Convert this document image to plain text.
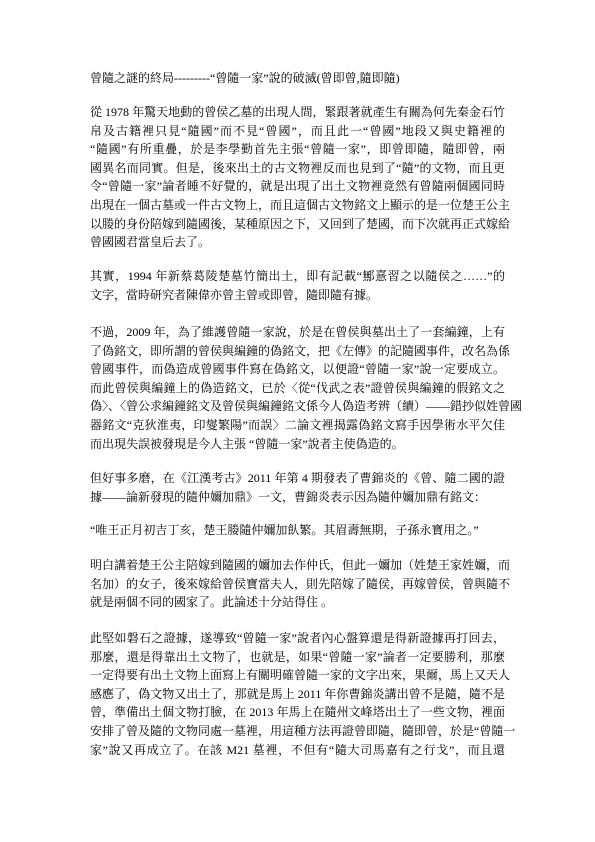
曾隨之謎的終局---------“曾隨一家”說的破滅(曾即曾,隨即隨)
從 1978 年驚天地動的曾侯乙墓的出現人間，緊跟著就產生有關為何先秦金石竹
帛及古籍裡只見“隨國”而不見“曾國”，而且此一“曾國”地段又與史籍裡的
“隨國”有所重疊，於是李學勤首先主張“曾隨一家”，即曾即隨，隨即曾，兩
國異名而同實。但是，後來出土的古文物裡反而也見到了“隨”的文物，而且更
令“曾隨一家”論者睡不好覺的，就是出現了出土文物裡竟然有曾隨兩個國同時
出現在一個古墓或一件古文物上，而且這個古文物銘文上顯示的是一位楚王公主
以媵的身份陪嫁到隨國後，某種原因之下，又回到了楚國，而下次就再正式嫁給
曾國國君當皇后去了。
其實，1994 年新蔡葛陵楚墓竹簡出土，即有記載“鄦憙習之以隨侯之……”的
文字，當時研究者陳偉亦曾主曾或即曾，隨即隨有據。
不過，2009 年，為了維護曾隨一家說，於是在曾侯與墓出土了一套編鐘，上有
了偽銘文，即所謂的曾侯與編鐘的偽銘文，把《左傳》的記隨國事件，改名為係
曾國事件，而偽造成曾國事件寫在偽銘文，以便證“曾隨一家”說一定要成立。
而此曾侯與編鐘上的偽造銘文，已於〈從“伐武之表”證曾侯與編鐘的假銘文之
偽〉、〈曾公求編鐘銘文及曾侯與編鐘銘文係今人偽造考辨（續）——錯抄似姓曾國
器銘文“克狄淮夷，印燮繁陽”而誤〉二論文裡揭露偽銘文寫手因學術水平欠佳
而出現失誤被發現是今人主張 “曾隨一家”說者主使偽造的。
但好事多磨，在《江漢考古》2011 年第 4 期發表了曹錦炎的《曾、隨二國的證
據——論新發現的隨仲嬭加鼎》一文，曹錦炎表示因為隨仲嬭加鼎有銘文：
“唯王正月初吉丁亥，楚王媵隨仲嬭加飤繁。其眉壽無期，子孫永寶用之。”
明白講着楚王公主陪嫁到隨國的嬭加去作仲氏，但此一嬭加（姓楚王家姓嬭，而
名加）的女子，後來嫁給曾侯寶當夫人，則先陪嫁了隨侯，再嫁曾侯，曾與隨不
就是兩個不同的國家了。此論述十分站得住 。
此堅如磐石之證據，遂導致“曾隨一家”說者內心盤算還是得新證據再打回去，
那麼，還是得靠出土文物了，也就是，如果“曾隨一家”論者一定要勝利，那麼
一定得要有出土文物上面寫上有關明確曾隨一家的文字出來，果爾，馬上又天人
感應了，偽文物又出土了，那就是馬上 2011 年你曹錦炎講出曾不是隨，隨不是
曾，準備出土個文物打臉，在 2013 年馬上在隨州文峰塔出土了一些文物，裡面
安排了曾及隨的文物同處一墓裡，用這種方法再證曾即隨，隨即曾，於是“曾隨一
家”說又再成立了。在該 M21 墓裡，不但有“隨大司馬嘉有之行戈”，而且還
